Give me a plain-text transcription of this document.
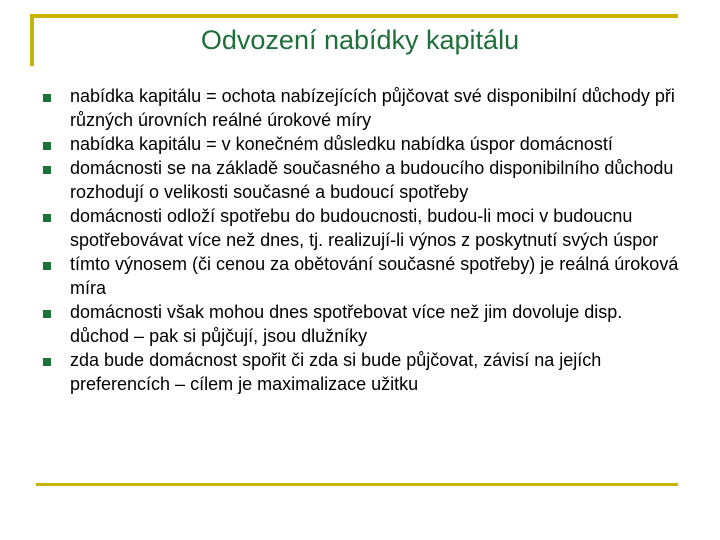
Odvození nabídky kapitálu
nabídka kapitálu = ochota nabízejících půjčovat své disponibilní důchody při různých úrovních reálné úrokové míry
nabídka kapitálu = v konečném důsledku nabídka úspor domácností
domácnosti se na základě současného a budoucího disponibilního důchodu rozhodují o velikosti současné a budoucí spotřeby
domácnosti odloží spotřebu do budoucnosti, budou-li moci v budoucnu spotřebovávat více než dnes, tj. realizují-li výnos z poskytnutí svých úspor
tímto výnosem (či cenou za obětování současné spotřeby) je reálná úroková míra
domácnosti však mohou dnes spotřebovat více než jim dovoluje disp. důchod – pak si půjčují, jsou dlužníky
zda bude domácnost spořit či zda si bude půjčovat, závisí na jejích preferencích – cílem je maximalizace užitku
